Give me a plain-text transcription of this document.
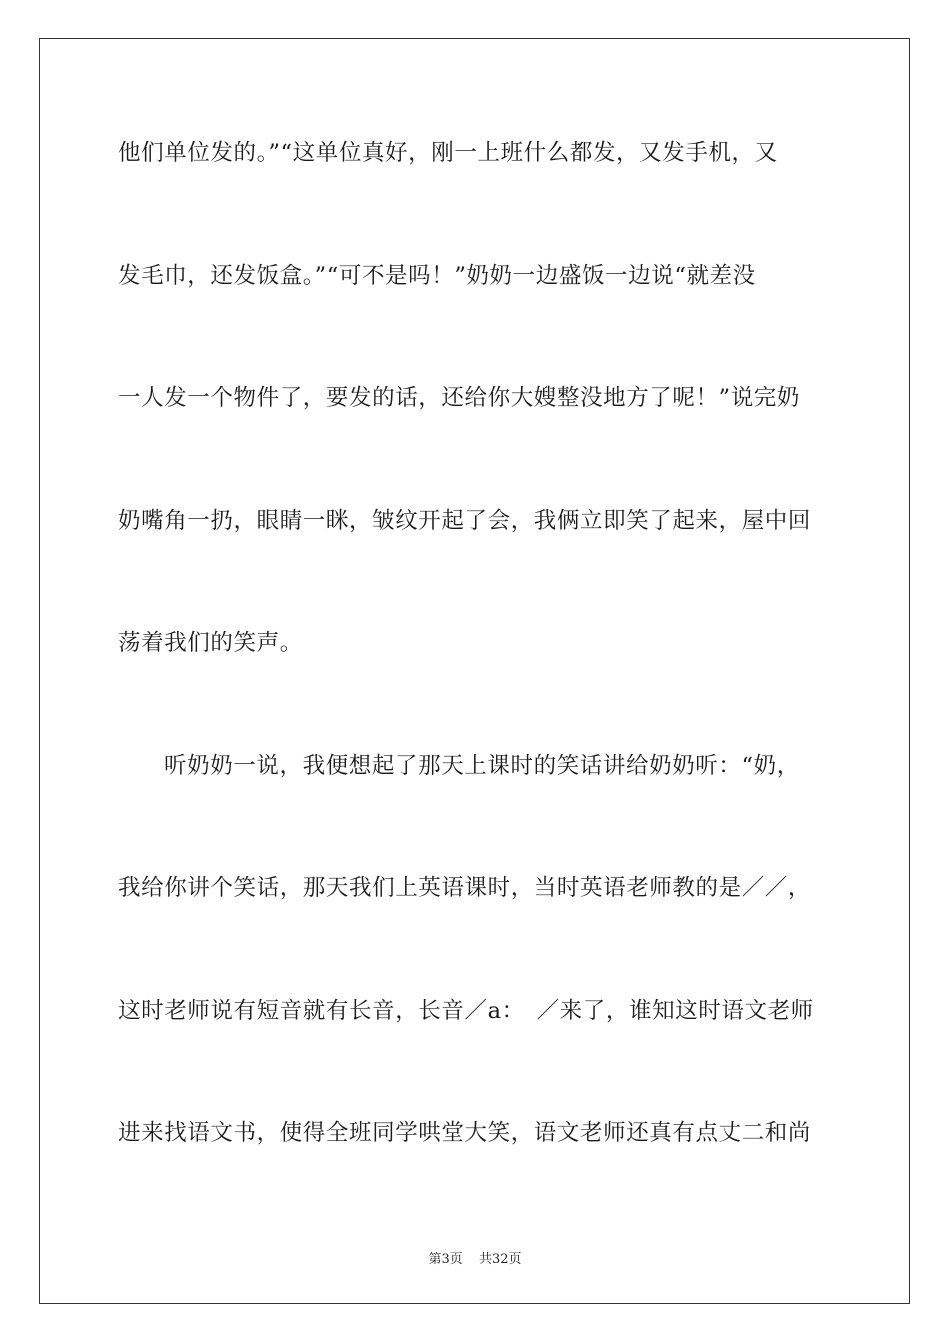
他们单位发的。”“这单位真好，刚一上班什么都发，又发手机，又
发毛巾，还发饭盒。”“可不是吗！”奶奶一边盛饭一边说“就差没
一人发一个物件了，要发的话，还给你大嫂整没地方了呢！”说完奶
奶嘴角一扔，眼睛一眯，皱纹开起了会，我俩立即笑了起来，屋中回
荡着我们的笑声。
听奶奶一说，我便想起了那天上课时的笑话讲给奶奶听：“奶，
我给你讲个笑话，那天我们上英语课时，当时英语老师教的是／／，
这时老师说有短音就有长音，长音／a：　／来了，谁知这时语文老师
进来找语文书，使得全班同学哄堂大笑，语文老师还真有点丈二和尚
第3页 共32页
